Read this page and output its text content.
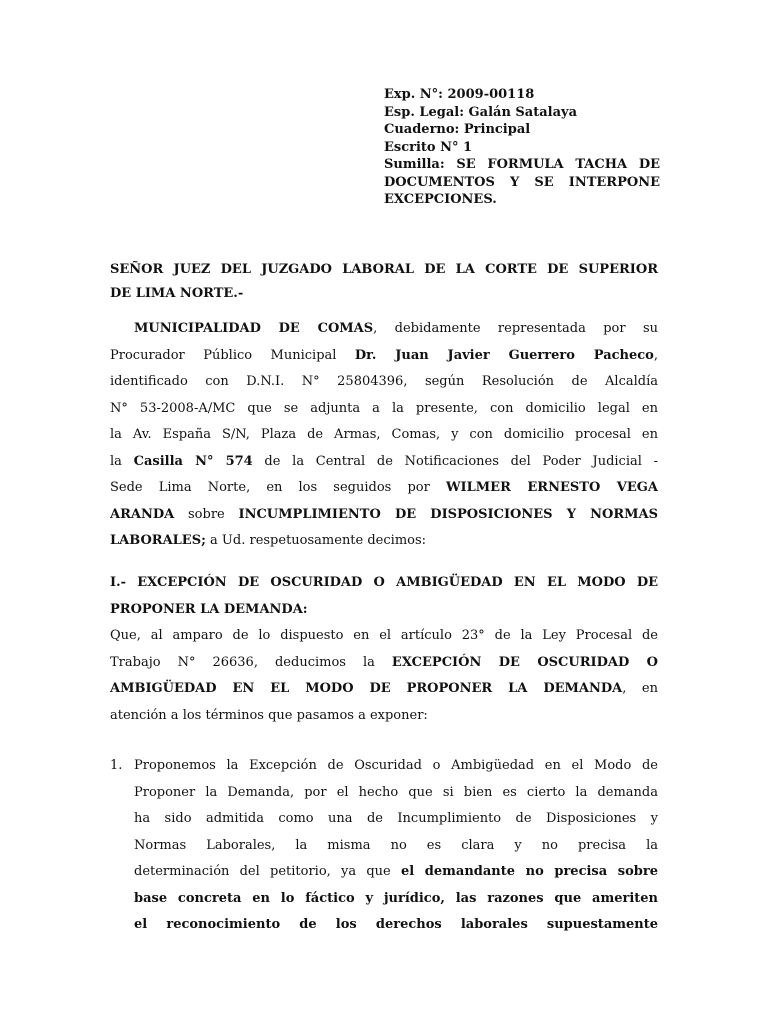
Exp. N°: 2009-00118
Esp. Legal: Galán Satalaya
Cuaderno: Principal
Escrito N° 1
Sumilla: SE FORMULA TACHA DE
DOCUMENTOS Y SE INTERPONE
EXCEPCIONES.
SEÑOR JUEZ DEL JUZGADO LABORAL DE LA CORTE DE SUPERIOR
DE LIMA NORTE.-
MUNICIPALIDAD DE COMAS, debidamente representada por su
Procurador Público Municipal Dr. Juan Javier Guerrero Pacheco,
identificado con D.N.I. N° 25804396, según Resolución de Alcaldía
N° 53-2008-A/MC que se adjunta a la presente, con domicilio legal en
la Av. España S/N, Plaza de Armas, Comas, y con domicilio procesal en
la Casilla N° 574 de la Central de Notificaciones del Poder Judicial -
Sede Lima Norte, en los seguidos por WILMER ERNESTO VEGA
ARANDA sobre INCUMPLIMIENTO DE DISPOSICIONES Y NORMAS
LABORALES; a Ud. respetuosamente decimos:
I.- EXCEPCIÓN DE OSCURIDAD O AMBIGÜEDAD EN EL MODO DE
PROPONER LA DEMANDA:
Que, al amparo de lo dispuesto en el artículo 23° de la Ley Procesal de
Trabajo N° 26636, deducimos la EXCEPCIÓN DE OSCURIDAD O
AMBIGÜEDAD EN EL MODO DE PROPONER LA DEMANDA, en
atención a los términos que pasamos a exponer:
1. Proponemos la Excepción de Oscuridad o Ambigüedad en el Modo de
Proponer la Demanda, por el hecho que si bien es cierto la demanda
ha sido admitida como una de Incumplimiento de Disposiciones y
Normas Laborales, la misma no es clara y no precisa la
determinación del petitorio, ya que el demandante no precisa sobre
base concreta en lo fáctico y jurídico, las razones que ameriten
el reconocimiento de los derechos laborales supuestamente
